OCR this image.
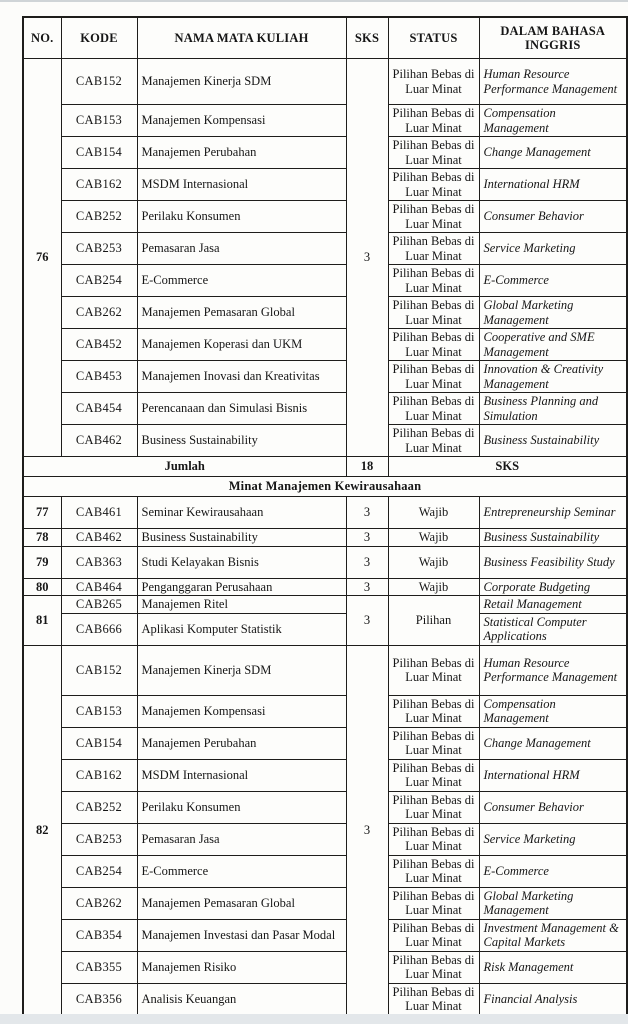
NO.	KODE	NAMA MATA KULIAH	SKS	STATUS	DALAM BAHASA INGGRIS
76	CAB152	Manajemen Kinerja SDM	3	Pilihan Bebas di Luar Minat	Human Resource Performance Management
	CAB153	Manajemen Kompensasi		Pilihan Bebas di Luar Minat	Compensation Management
	CAB154	Manajemen Perubahan		Pilihan Bebas di Luar Minat	Change Management
	CAB162	MSDM Internasional		Pilihan Bebas di Luar Minat	International HRM
	CAB252	Perilaku Konsumen		Pilihan Bebas di Luar Minat	Consumer Behavior
	CAB253	Pemasaran Jasa		Pilihan Bebas di Luar Minat	Service Marketing
	CAB254	E-Commerce		Pilihan Bebas di Luar Minat	E-Commerce
	CAB262	Manajemen Pemasaran Global		Pilihan Bebas di Luar Minat	Global Marketing Management
	CAB452	Manajemen Koperasi dan UKM		Pilihan Bebas di Luar Minat	Cooperative and SME Management
	CAB453	Manajemen Inovasi dan Kreativitas		Pilihan Bebas di Luar Minat	Innovation & Creativity Management
	CAB454	Perencanaan dan Simulasi Bisnis		Pilihan Bebas di Luar Minat	Business Planning and Simulation
	CAB462	Business Sustainability		Pilihan Bebas di Luar Minat	Business Sustainability
Jumlah			18	SKS	
Minat Manajemen Kewirausahaan					
77	CAB461	Seminar Kewirausahaan	3	Wajib	Entrepreneurship Seminar
78	CAB462	Business Sustainability	3	Wajib	Business Sustainability
79	CAB363	Studi Kelayakan Bisnis	3	Wajib	Business Feasibility Study
80	CAB464	Penganggaran Perusahaan	3	Wajib	Corporate Budgeting
81	CAB265	Manajemen Ritel	3	Pilihan	Retail Management
	CAB666	Aplikasi Komputer Statistik			Statistical Computer Applications
82	CAB152	Manajemen Kinerja SDM	3	Pilihan Bebas di Luar Minat	Human Resource Performance Management
	CAB153	Manajemen Kompensasi		Pilihan Bebas di Luar Minat	Compensation Management
	CAB154	Manajemen Perubahan		Pilihan Bebas di Luar Minat	Change Management
	CAB162	MSDM Internasional		Pilihan Bebas di Luar Minat	International HRM
	CAB252	Perilaku Konsumen		Pilihan Bebas di Luar Minat	Consumer Behavior
	CAB253	Pemasaran Jasa		Pilihan Bebas di Luar Minat	Service Marketing
	CAB254	E-Commerce		Pilihan Bebas di Luar Minat	E-Commerce
	CAB262	Manajemen Pemasaran Global		Pilihan Bebas di Luar Minat	Global Marketing Management
	CAB354	Manajemen Investasi dan Pasar Modal		Pilihan Bebas di Luar Minat	Investment Management & Capital Markets
	CAB355	Manajemen Risiko		Pilihan Bebas di Luar Minat	Risk Management
	CAB356	Analisis Keuangan		Pilihan Bebas di Luar Minat	Financial Analysis
